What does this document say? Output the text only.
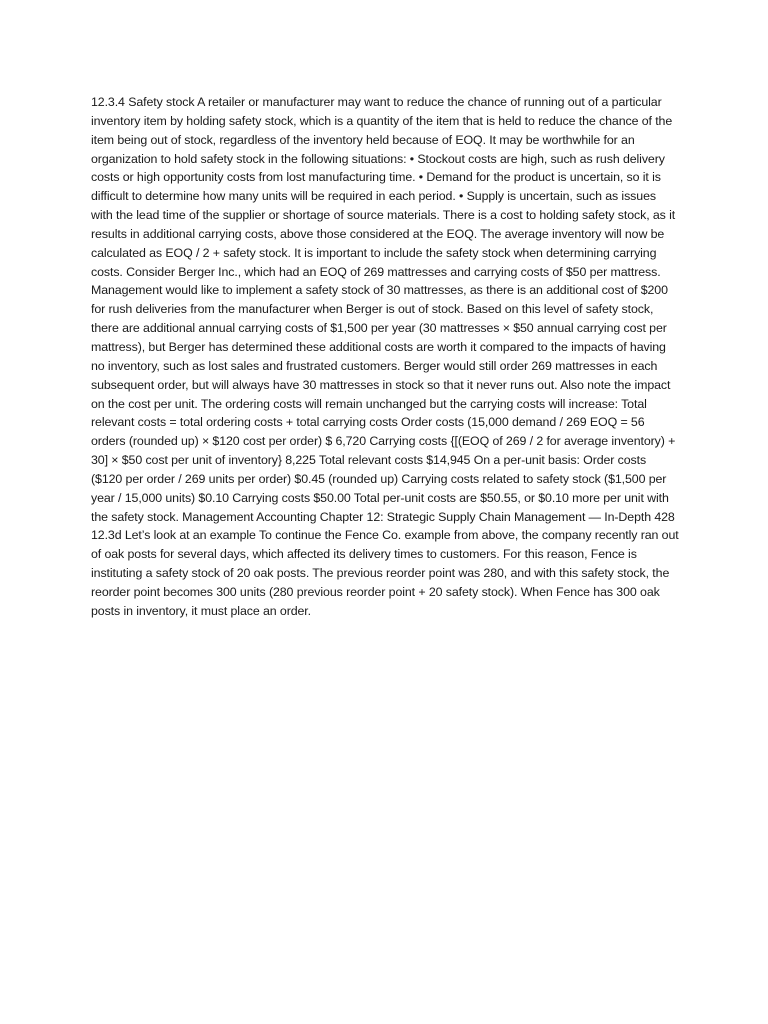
12.3.4 Safety stock A retailer or manufacturer may want to reduce the chance of running out of a particular inventory item by holding safety stock, which is a quantity of the item that is held to reduce the chance of the item being out of stock, regardless of the inventory held because of EOQ. It may be worthwhile for an organization to hold safety stock in the following situations: • Stockout costs are high, such as rush delivery costs or high opportunity costs from lost manufacturing time. • Demand for the product is uncertain, so it is difficult to determine how many units will be required in each period. • Supply is uncertain, such as issues with the lead time of the supplier or shortage of source materials. There is a cost to holding safety stock, as it results in additional carrying costs, above those considered at the EOQ. The average inventory will now be calculated as EOQ / 2 + safety stock. It is important to include the safety stock when determining carrying costs. Consider Berger Inc., which had an EOQ of 269 mattresses and carrying costs of $50 per mattress. Management would like to implement a safety stock of 30 mattresses, as there is an additional cost of $200 for rush deliveries from the manufacturer when Berger is out of stock. Based on this level of safety stock, there are additional annual carrying costs of $1,500 per year (30 mattresses × $50 annual carrying cost per mattress), but Berger has determined these additional costs are worth it compared to the impacts of having no inventory, such as lost sales and frustrated customers. Berger would still order 269 mattresses in each subsequent order, but will always have 30 mattresses in stock so that it never runs out. Also note the impact on the cost per unit. The ordering costs will remain unchanged but the carrying costs will increase: Total relevant costs = total ordering costs + total carrying costs Order costs (15,000 demand / 269 EOQ = 56 orders (rounded up) × $120 cost per order) $ 6,720 Carrying costs {[(EOQ of 269 / 2 for average inventory) + 30] × $50 cost per unit of inventory} 8,225 Total relevant costs $14,945 On a per-unit basis: Order costs ($120 per order / 269 units per order) $0.45 (rounded up) Carrying costs related to safety stock ($1,500 per year / 15,000 units) $0.10 Carrying costs $50.00 Total per-unit costs are $50.55, or $0.10 more per unit with the safety stock. Management Accounting Chapter 12: Strategic Supply Chain Management — In-Depth 428 12.3d Let’s look at an example To continue the Fence Co. example from above, the company recently ran out of oak posts for several days, which affected its delivery times to customers. For this reason, Fence is instituting a safety stock of 20 oak posts. The previous reorder point was 280, and with this safety stock, the reorder point becomes 300 units (280 previous reorder point + 20 safety stock). When Fence has 300 oak posts in inventory, it must place an order.
